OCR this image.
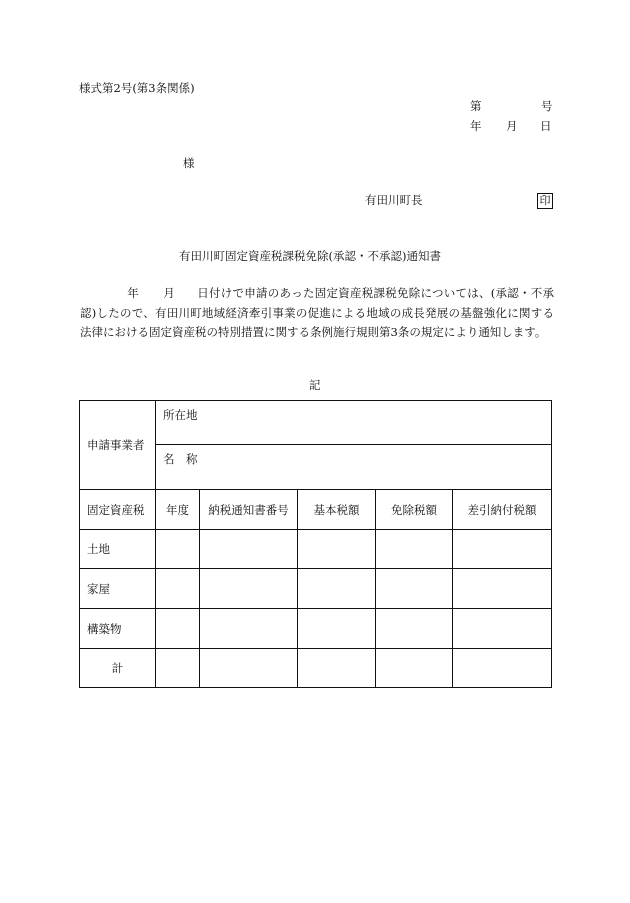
様式第2号(第3条関係)
第	号
年 月 日
様
有田川町長	印
有田川町固定資産税課税免除(承認・不承認)通知書
年 月 日付けで申請のあった固定資産税課税免除については、(承認・不承認)したので、有田川町地域経済牽引事業の促進による地域の成長発展の基盤強化に関する法律における固定資産税の特別措置に関する条例施行規則第3条の規定により通知します。
記
申請事業者	所在地				
	名　称				
固定資産税	年度	納税通知書番号	基本税額	免除税額	差引納付税額
土地					
家屋					
構築物					
計					
